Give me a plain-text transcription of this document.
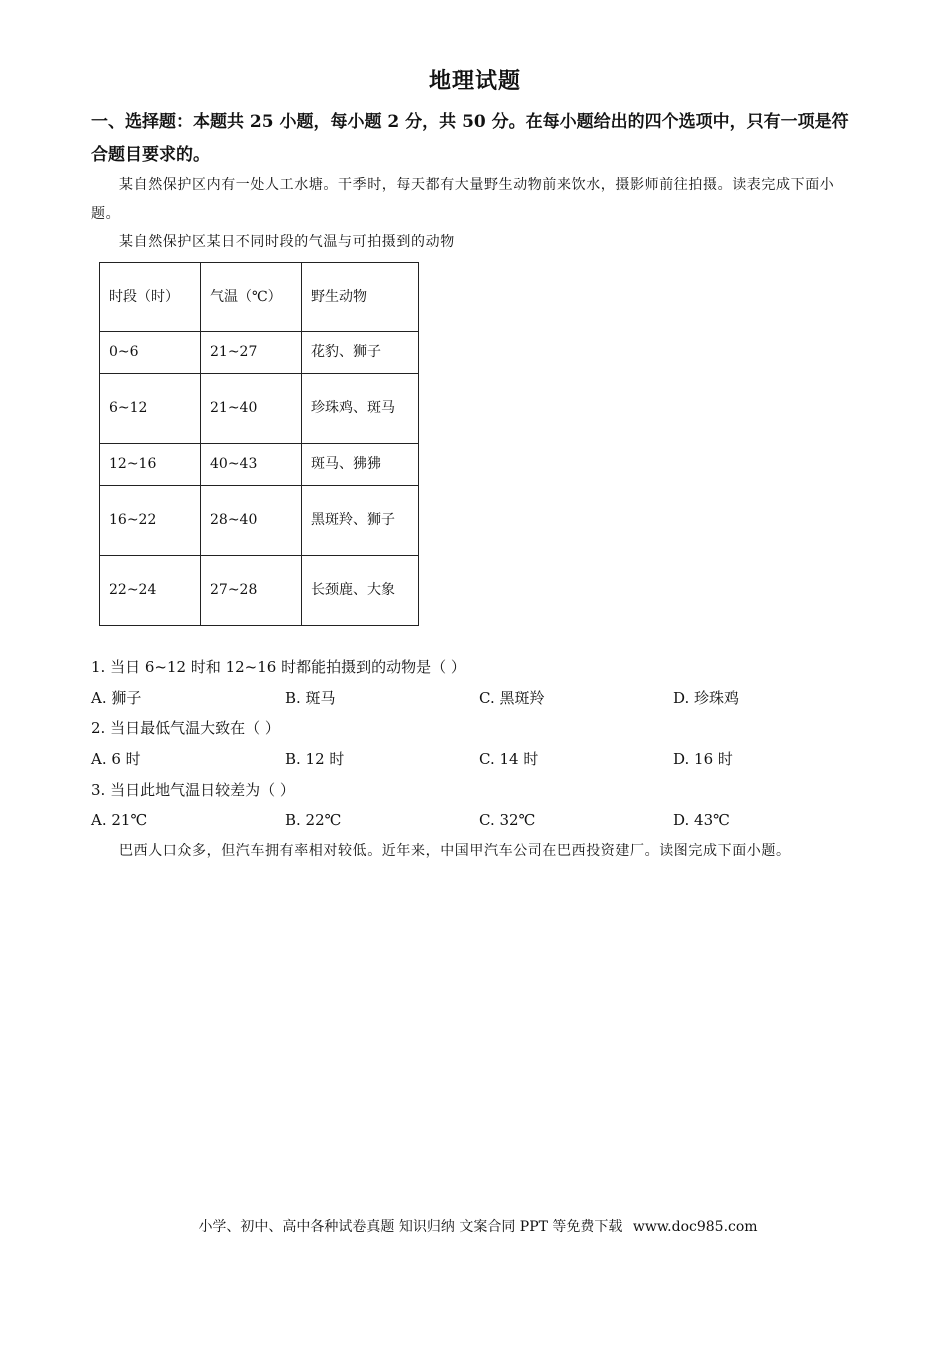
地理试题
一、选择题：本题共 25 小题，每小题 2 分，共 50 分。在每小题给出的四个选项中，只有一项是符合题目要求的。
某自然保护区内有一处人工水塘。干季时，每天都有大量野生动物前来饮水，摄影师前往拍摄。读表完成下面小题。
某自然保护区某日不同时段的气温与可拍摄到的动物
时段（时）	气温（℃）	野生动物
0~6	21~27	花豹、狮子
6~12	21~40	珍珠鸡、斑马
12~16	40~43	斑马、狒狒
16~22	28~40	黑斑羚、狮子
22~24	27~28	长颈鹿、大象
1. 当日 6~12 时和 12~16 时都能拍摄到的动物是（ ）
A. 狮子	B. 斑马	C. 黑斑羚	D. 珍珠鸡
2. 当日最低气温大致在（ ）
A. 6 时	B. 12 时	C. 14 时	D. 16 时
3. 当日此地气温日较差为（ ）
A. 21℃	B. 22℃	C. 32℃	D. 43℃
巴西人口众多，但汽车拥有率相对较低。近年来，中国甲汽车公司在巴西投资建厂。读图完成下面小题。
小学、初中、高中各种试卷真题 知识归纳 文案合同 PPT 等免费下载 www.doc985.com
